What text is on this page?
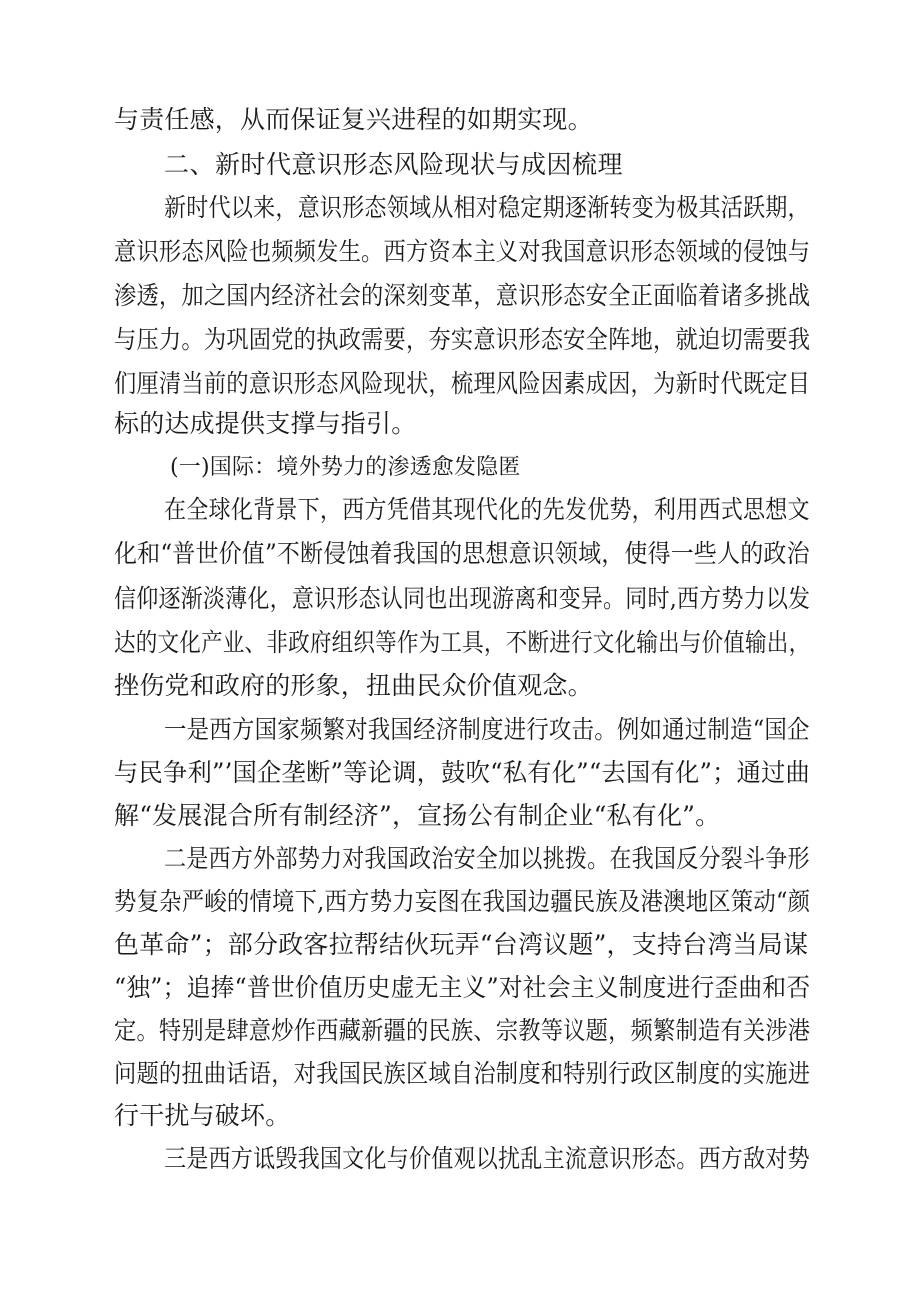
与责任感，从而保证复兴进程的如期实现。
二、新时代意识形态风险现状与成因梳理
新时代以来，意识形态领域从相对稳定期逐渐转变为极其活跃期，
意识形态风险也频频发生。西方资本主义对我国意识形态领域的侵蚀与
渗透，加之国内经济社会的深刻变革，意识形态安全正面临着诸多挑战
与压力。为巩固党的执政需要，夯实意识形态安全阵地，就迫切需要我
们厘清当前的意识形态风险现状，梳理风险因素成因，为新时代既定目
标的达成提供支撑与指引。
(一)国际：境外势力的渗透愈发隐匿
在全球化背景下，西方凭借其现代化的先发优势，利用西式思想文
化和“普世价值”不断侵蚀着我国的思想意识领域，使得一些人的政治
信仰逐渐淡薄化，意识形态认同也出现游离和变异。同时,西方势力以发
达的文化产业、非政府组织等作为工具，不断进行文化输出与价值输出，
挫伤党和政府的形象，扭曲民众价值观念。
一是西方国家频繁对我国经济制度进行攻击。例如通过制造“国企
与民争利”’国企垄断”等论调，鼓吹“私有化”“去国有化”；通过曲
解“发展混合所有制经济”，宣扬公有制企业“私有化”。
二是西方外部势力对我国政治安全加以挑拨。在我国反分裂斗争形
势复杂严峻的情境下,西方势力妄图在我国边疆民族及港澳地区策动“颜
色革命”；部分政客拉帮结伙玩弄“台湾议题”，支持台湾当局谋
“独”；追捧“普世价值历史虚无主义”对社会主义制度进行歪曲和否
定。特别是肆意炒作西藏新疆的民族、宗教等议题，频繁制造有关涉港
问题的扭曲话语，对我国民族区域自治制度和特别行政区制度的实施进
行干扰与破坏。
三是西方诋毁我国文化与价值观以扰乱主流意识形态。西方敌对势
